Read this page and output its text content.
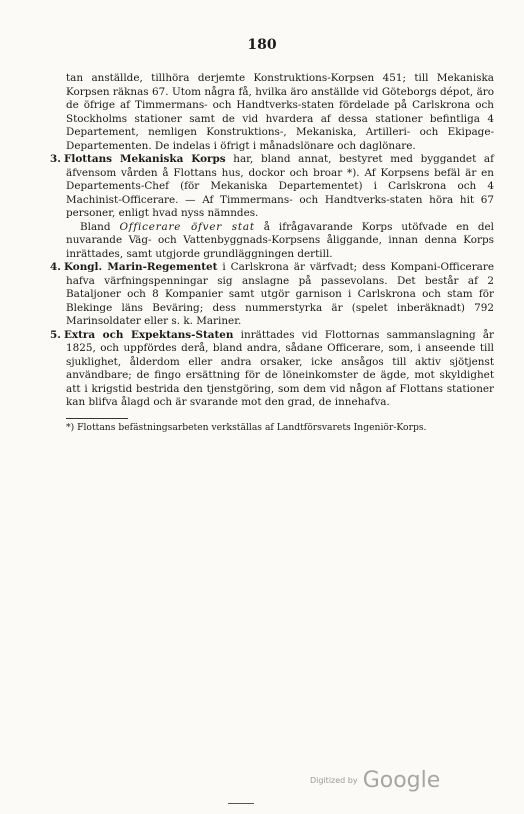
180

tan anställde, tillhöra derjemte Konstruktions-Korpsen 451; till Mekaniska Korpsen räknas 67. Utom några få, hvilka äro anställde vid Göteborgs dépot, äro de öfrige af Timmermans- och Handtverks-staten fördelade på Carlskrona och Stockholms stationer samt de vid hvardera af dessa stationer befintliga 4 Departement, nemligen Konstruktions-, Mekaniska, Artilleri- och Ekipage-Departementen. De indelas i öfrigt i månadslönare och daglönare.

3. Flottans Mekaniska Korps har, bland annat, bestyret med byggandet af äfvensom vården å Flottans hus, dockor och broar *). Af Korpsens befäl är en Departements-Chef (för Mekaniska Departementet) i Carlskrona och 4 Machinist-Officerare. — Af Timmermans- och Handtverks-staten höra hit 67 personer, enligt hvad nyss nämndes.

Bland Officerare öfver stat å ifrågavarande Korps utöfvade en del nuvarande Väg- och Vattenbyggnads-Korpsens åliggande, innan denna Korps inrättades, samt utgjorde grundläggningen dertill.

4. Kongl. Marin-Regementet i Carlskrona är värfvadt; dess Kompani-Officerare hafva värfningspenningar sig anslagne på passevolans. Det består af 2 Bataljoner och 8 Kompanier samt utgör garnison i Carlskrona och stam för Blekinge läns Beväring; dess nummerstyrka är (spelet inberäknadt) 792 Marinsoldater eller s. k. Mariner.

5. Extra och Expektans-Staten inrättades vid Flottornas sammanslagning år 1825, och uppfördes derå, bland andra, sådane Officerare, som, i anseende till sjuklighet, ålderdom eller andra orsaker, icke ansågos till aktiv sjötjenst användbare; de fingo ersättning för de löneinkomster de ägde, mot skyldighet att i krigstid bestrida den tjenstgöring, som dem vid någon af Flottans stationer kan blifva ålagd och är svarande mot den grad, de innehafva.

*) Flottans befästningsarbeten verkställas af Landtförsvarets Ingeniör-Korps.

Digitized by Google
